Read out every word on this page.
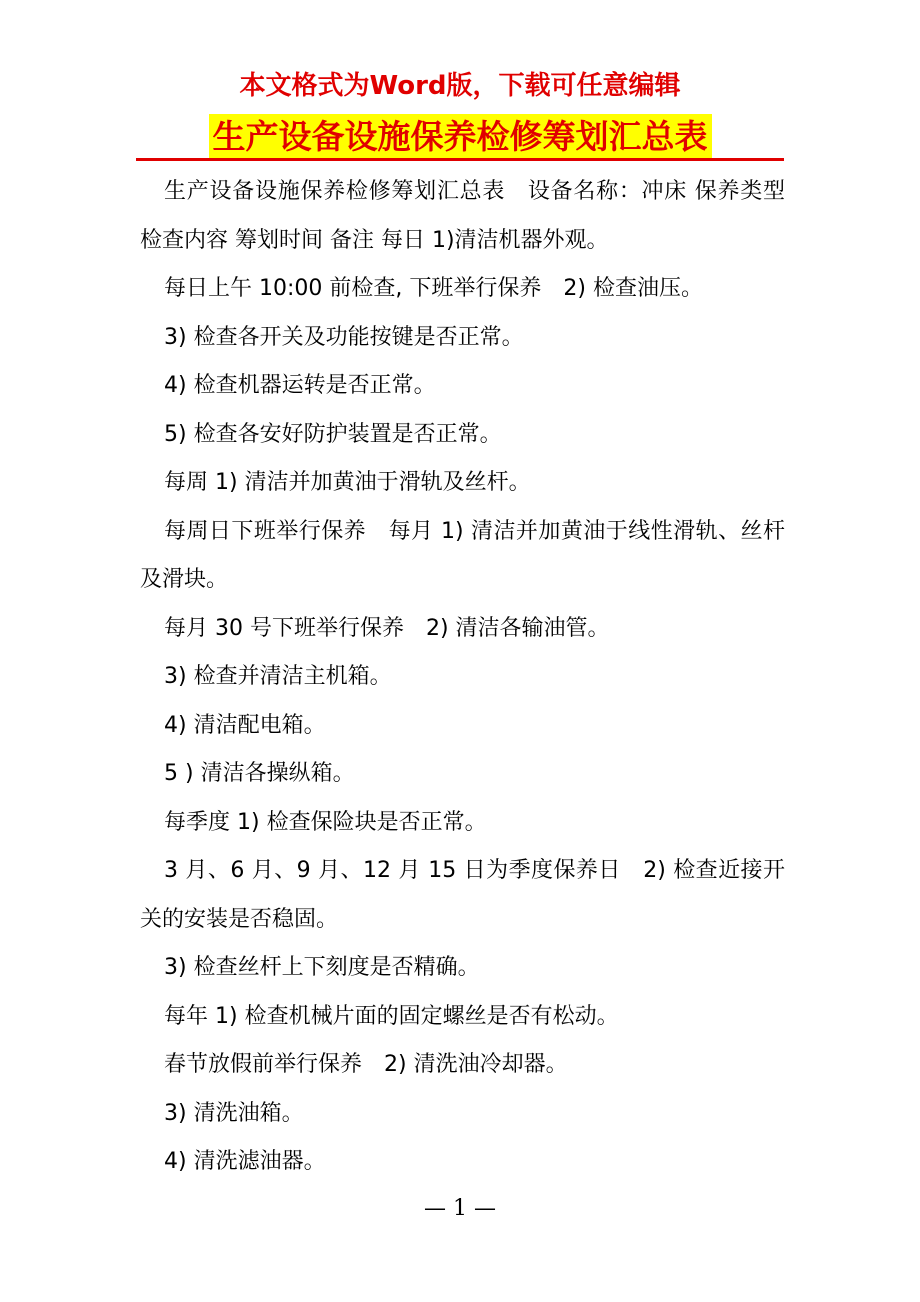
本文格式为Word版，下载可任意编辑
生产设备设施保养检修筹划汇总表

生产设备设施保养检修筹划汇总表　设备名称：冲床 保养类型 检查内容 筹划时间 备注 每日 1)清洁机器外观。

每日上午 10:00 前检查, 下班举行保养　2) 检查油压。

3) 检查各开关及功能按键是否正常。

4) 检查机器运转是否正常。

5) 检查各安好防护装置是否正常。

每周 1) 清洁并加黄油于滑轨及丝杆。

每周日下班举行保养　每月 1) 清洁并加黄油于线性滑轨、丝杆及滑块。

每月 30 号下班举行保养　2) 清洁各输油管。

3) 检查并清洁主机箱。

4) 清洁配电箱。

5 ) 清洁各操纵箱。

每季度 1) 检查保险块是否正常。

3 月、6 月、9 月、12 月 15 日为季度保养日　2) 检查近接开关的安装是否稳固。

3) 检查丝杆上下刻度是否精确。

每年 1) 检查机械片面的固定螺丝是否有松动。

春节放假前举行保养　2) 清洗油冷却器。

3) 清洗油箱。

4) 清洗滤油器。

— 1 —
